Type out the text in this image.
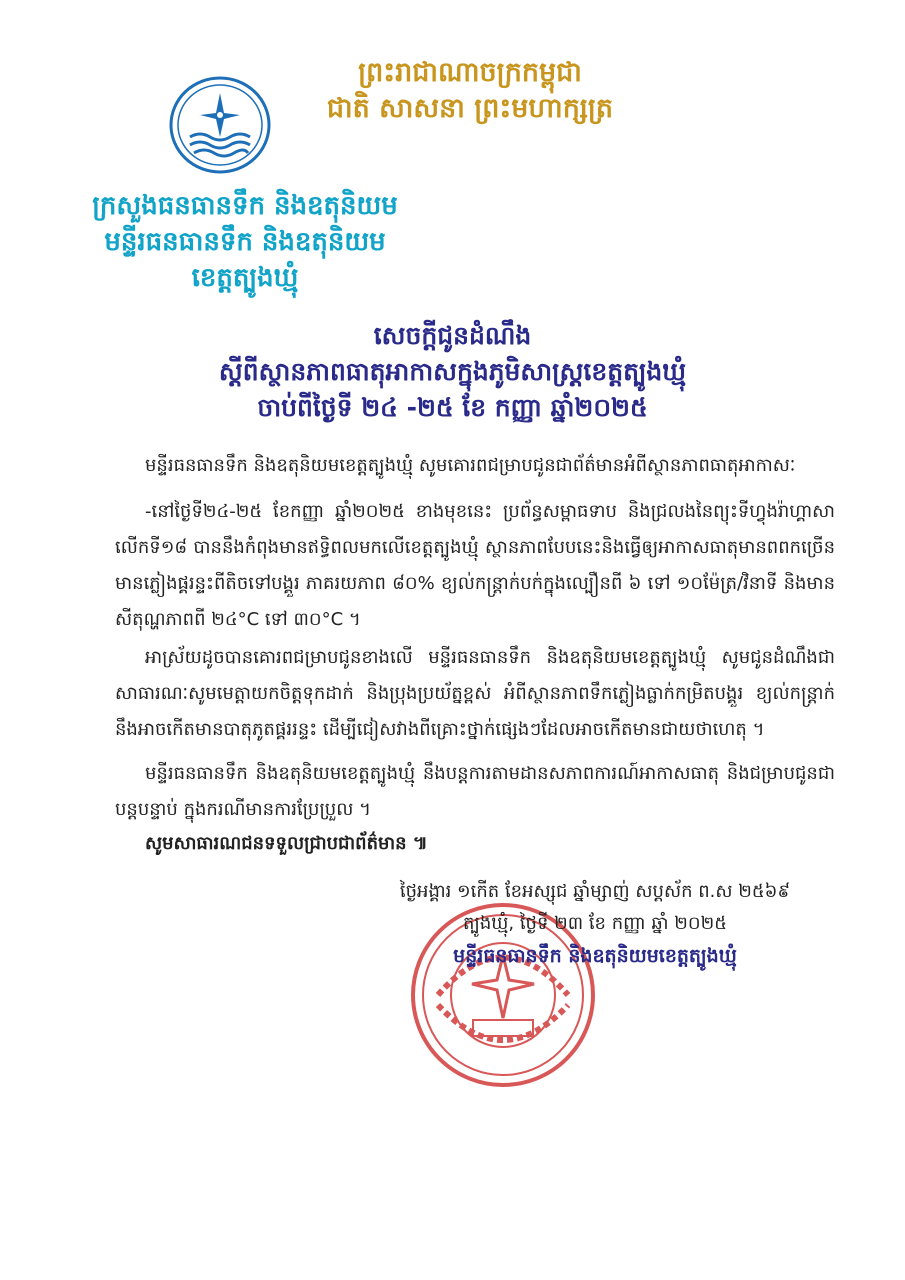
ព្រះរាជាណាចក្រកម្ពុជា
ជាតិ សាសនា ព្រះមហាក្សត្រ
ក្រសួងធនធានទឹក និងឧតុនិយម
មន្ទីរធនធានទឹក និងឧតុនិយម
ខេត្តត្បូងឃ្មុំ
សេចក្ដីជូនដំណឹង
ស្ដីពីស្ថានភាពធាតុអាកាសក្នុងភូមិសាស្ត្រខេត្តត្បូងឃ្មុំ
ចាប់ពីថ្ងៃទី ២៤ -២៥ ខែ កញ្ញា ឆ្នាំ២០២៥
មន្ទីរធនធានទឹក និងឧតុនិយមខេត្តត្បូងឃ្មុំ សូមគោរពជម្រាបជូនជាព័ត៌មានអំពីស្ថានភាពធាតុអាកាសៈ
-នៅថ្ងៃទី២៤-២៥ ខែកញ្ញា ឆ្នាំ២០២៥ ខាងមុខនេះ ប្រព័ន្ធសម្ពាធទាប និងជ្រលងនៃព្យុះទីហ្វុងរ៉ាហ្គាសា លើកទី១៨ បាននឹងកំពុងមានឥទ្ធិពលមកលើខេត្តត្បូងឃ្មុំ ស្ថានភាពបែបនេះនិងធ្វើឲ្យអាកាសធាតុមានពពកច្រើន មានភ្លៀងផ្គរន្ទះពីតិចទៅបង្គួរ ភាគរយភាព ៨០% ខ្យល់កន្ត្រាក់បក់ក្នុងល្បឿនពី ៦ ទៅ ១០ម៉ែត្រ/វិនាទី និងមានសីតុណ្ហភាពពី ២៤°C ទៅ ៣០°C ។
អាស្រ័យដូចបានគោរពជម្រាបជូនខាងលើ មន្ទីរធនធានទឹក និងឧតុនិយមខេត្តត្បូងឃ្មុំ សូមជូនដំណឹងជាសាធារណៈសូមមេត្តាយកចិត្តទុកដាក់ និងប្រុងប្រយ័ត្នខ្ពស់ អំពីស្ថានភាពទឹកភ្លៀងធ្លាក់កម្រិតបង្គួរ ខ្យល់កន្ត្រាក់នឹងអាចកើតមានបាតុភូតផ្គររន្ទះ ដើម្បីជៀសវាងពីគ្រោះថ្នាក់ផ្សេងៗដែលអាចកើតមានជាយថាហេតុ ។
មន្ទីរធនធានទឹក និងឧតុនិយមខេត្តត្បូងឃ្មុំ នឹងបន្តការតាមដានសភាពការណ៍អាកាសធាតុ និងជម្រាបជូនជាបន្តបន្ទាប់ ក្នុងករណីមានការប្រែប្រួល ។
សូមសាធារណជនទទួលជ្រាបជាព័ត៌មាន ៕
ថ្ងៃអង្គារ ១កើត ខែអស្សុជ ឆ្នាំម្សាញ់ សប្ដស័ក ព.ស ២៥៦៩
ត្បូងឃ្មុំ, ថ្ងៃទី ២៣ ខែ កញ្ញា ឆ្នាំ ២០២៥
មន្ទីរធនធានទឹក និងឧតុនិយមខេត្តត្បូងឃ្មុំ
